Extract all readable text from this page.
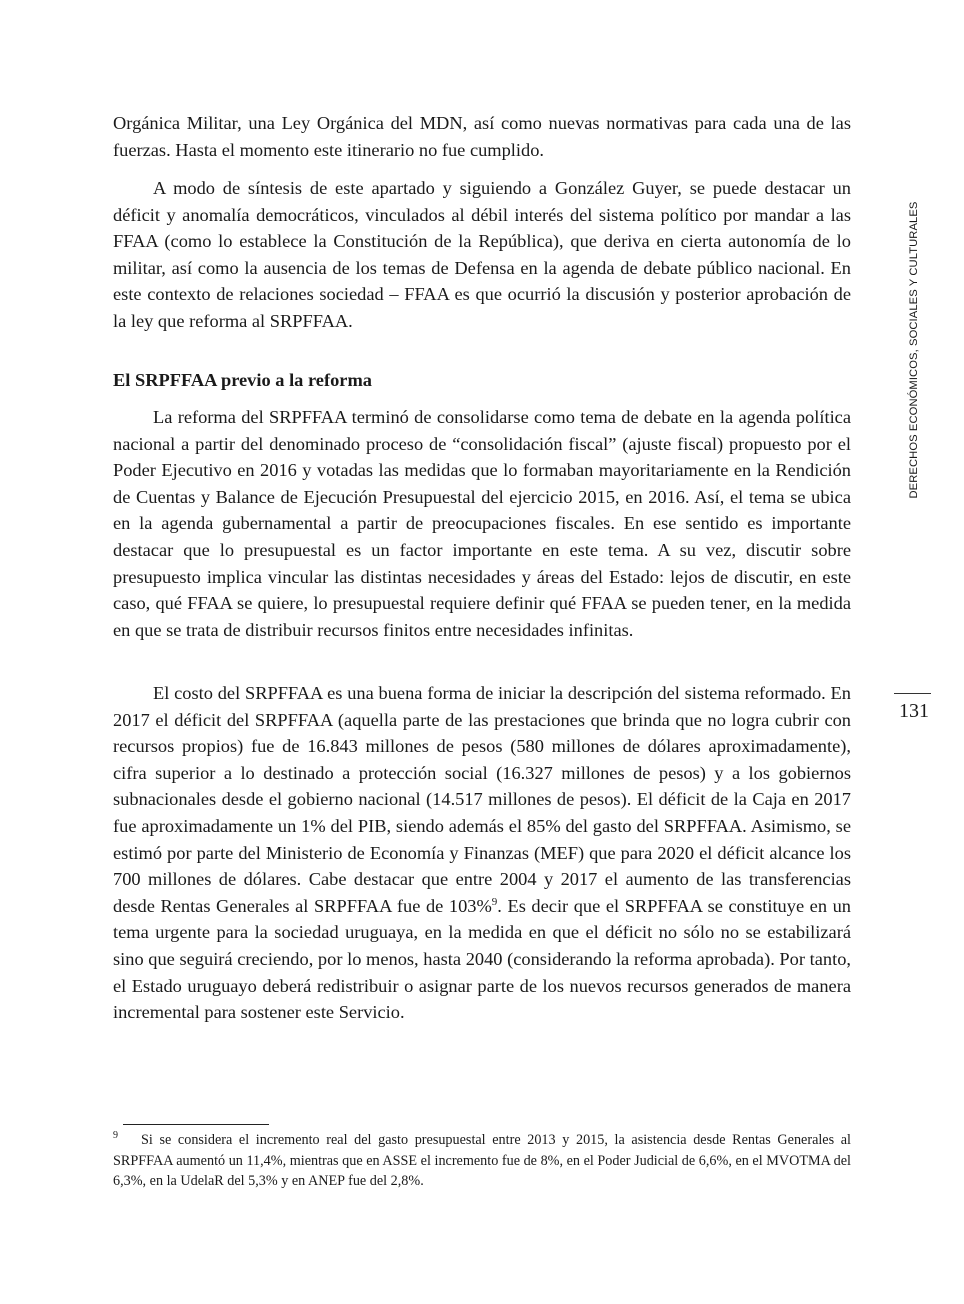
Orgánica Militar, una Ley Orgánica del MDN, así como nuevas normativas para cada una de las fuerzas. Hasta el momento este itinerario no fue cumplido.

A modo de síntesis de este apartado y siguiendo a González Guyer, se puede destacar un déficit y anomalía democráticos, vinculados al débil interés del sistema político por mandar a las FFAA (como lo establece la Constitución de la República), que deriva en cierta autonomía de lo militar, así como la ausencia de los temas de Defensa en la agenda de debate público nacional. En este contexto de relaciones sociedad – FFAA es que ocurrió la discusión y posterior aprobación de la ley que reforma al SRPFFAA.

El SRPFFAA previo a la reforma

La reforma del SRPFFAA terminó de consolidarse como tema de debate en la agenda política nacional a partir del denominado proceso de “consolidación fiscal” (ajuste fiscal) propuesto por el Poder Ejecutivo en 2016 y votadas las medidas que lo formaban mayoritariamente en la Rendición de Cuentas y Balance de Ejecución Presupuestal del ejercicio 2015, en 2016. Así, el tema se ubica en la agenda gubernamental a partir de preocupaciones fiscales. En ese sentido es importante destacar que lo presupuestal es un factor importante en este tema. A su vez, discutir sobre presupuesto implica vincular las distintas necesidades y áreas del Estado: lejos de discutir, en este caso, qué FFAA se quiere, lo presupuestal requiere definir qué FFAA se pueden tener, en la medida en que se trata de distribuir recursos finitos entre necesidades infinitas.

El costo del SRPFFAA es una buena forma de iniciar la descripción del sistema reformado. En 2017 el déficit del SRPFFAA (aquella parte de las prestaciones que brinda que no logra cubrir con recursos propios) fue de 16.843 millones de pesos (580 millones de dólares aproximadamente), cifra superior a lo destinado a protección social (16.327 millones de pesos) y a los gobiernos subnacionales desde el gobierno nacional (14.517 millones de pesos). El déficit de la Caja en 2017 fue aproximadamente un 1% del PIB, siendo además el 85% del gasto del SRPFFAA. Asimismo, se estimó por parte del Ministerio de Economía y Finanzas (MEF) que para 2020 el déficit alcance los 700 millones de dólares. Cabe destacar que entre 2004 y 2017 el aumento de las transferencias desde Rentas Generales al SRPFFAA fue de 103%$^9$. Es decir que el SRPFFAA se constituye en un tema urgente para la sociedad uruguaya, en la medida en que el déficit no sólo no se estabilizará sino que seguirá creciendo, por lo menos, hasta 2040 (considerando la reforma aprobada). Por tanto, el Estado uruguayo deberá redistribuir o asignar parte de los nuevos recursos generados de manera incremental para sostener este Servicio.

9 Si se considera el incremento real del gasto presupuestal entre 2013 y 2015, la asistencia desde Rentas Generales al SRPFFAA aumentó un 11,4%, mientras que en ASSE el incremento fue de 8%, en el Poder Judicial de 6,6%, en el MVOTMA del 6,3%, en la UdelaR del 5,3% y en ANEP fue del 2,8%.
DERECHOS ECONÓMICOS, SOCIALES Y CULTURALES
131
